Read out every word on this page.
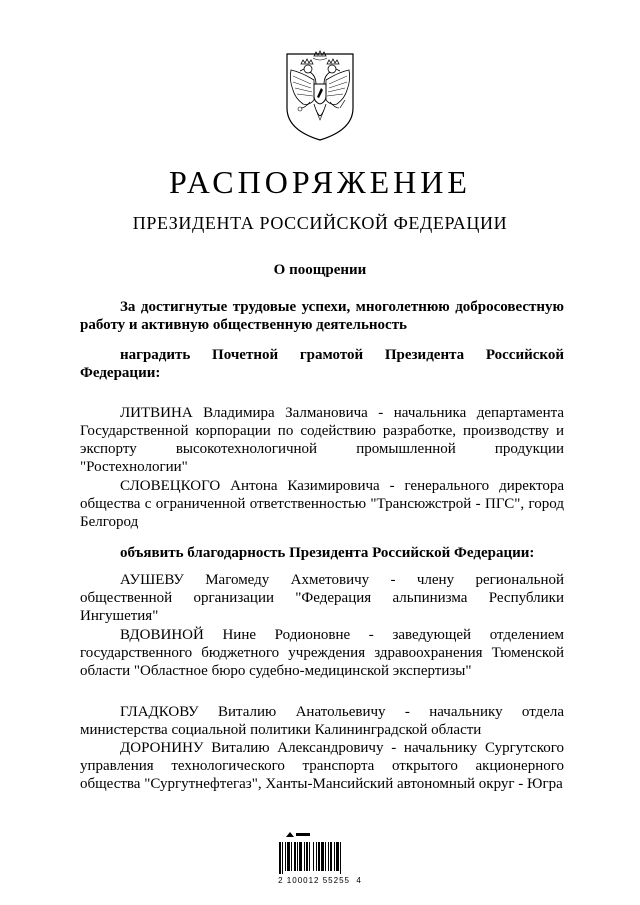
РАСПОРЯЖЕНИЕ
ПРЕЗИДЕНТА РОССИЙСКОЙ ФЕДЕРАЦИИ
О поощрении

За достигнутые трудовые успехи, многолетнюю добросовестную работу и активную общественную деятельность

наградить Почетной грамотой Президента Российской Федерации:

ЛИТВИНА Владимира Залмановича - начальника департамента Государственной корпорации по содействию разработке, производству и экспорту высокотехнологичной промышленной продукции "Ростехнологии"

СЛОВЕЦКОГО Антона Казимировича - генерального директора общества с ограниченной ответственностью "Трансюжстрой - ПГС", город Белгород

объявить благодарность Президента Российской Федерации:

АУШЕВУ Магомеду Ахметовичу - члену региональной общественной организации "Федерация альпинизма Республики Ингушетия"

ВДОВИНОЙ Нине Родионовне - заведующей отделением государственного бюджетного учреждения здравоохранения Тюменской области "Областное бюро судебно-медицинской экспертизы"

ГЛАДКОВУ Виталию Анатольевичу - начальнику отдела министерства социальной политики Калининградской области

ДОРОНИНУ Виталию Александровичу - начальнику Сургутского управления технологического транспорта открытого акционерного общества "Сургутнефтегаз", Ханты-Мансийский автономный округ - Югра

2 100012 55255  4
